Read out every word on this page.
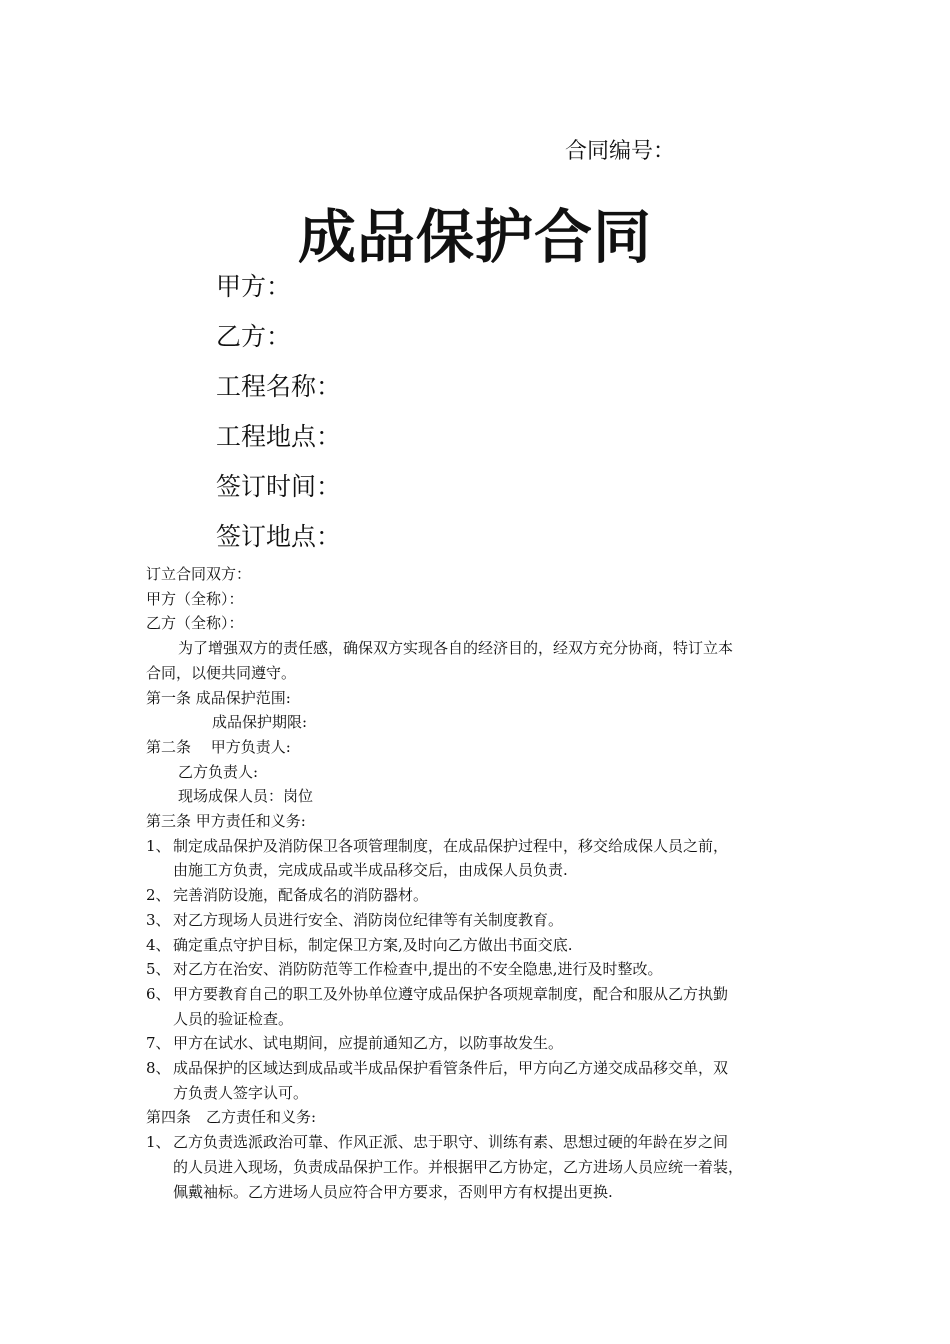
合同编号：
成品保护合同
甲方：
乙方：
工程名称：
工程地点：
签订时间：
签订地点：
订立合同双方：
甲方（全称）：
乙方（全称）：
为了增强双方的责任感，确保双方实现各自的经济目的，经双方充分协商，特订立本
合同，以便共同遵守。
第一条 成品保护范围:
成品保护期限:
第二条　 甲方负责人:
乙方负责人:
现场成保人员：岗位
第三条 甲方责任和义务:
1、 制定成品保护及消防保卫各项管理制度，在成品保护过程中，移交给成保人员之前，
由施工方负责，完成成品或半成品移交后，由成保人员负责.
2、 完善消防设施，配备成名的消防器材。
3、 对乙方现场人员进行安全、消防岗位纪律等有关制度教育。
4、 确定重点守护目标，制定保卫方案,及时向乙方做出书面交底.
5、 对乙方在治安、消防防范等工作检查中,提出的不安全隐患,进行及时整改。
6、 甲方要教育自己的职工及外协单位遵守成品保护各项规章制度，配合和服从乙方执勤
人员的验证检查。
7、 甲方在试水、试电期间，应提前通知乙方，以防事故发生。
8、 成品保护的区域达到成品或半成品保护看管条件后，甲方向乙方递交成品移交单，双
方负责人签字认可。
第四条　乙方责任和义务:
1、 乙方负责选派政治可靠、作风正派、忠于职守、训练有素、思想过硬的年龄在岁之间
的人员进入现场，负责成品保护工作。并根据甲乙方协定，乙方进场人员应统一着装，
佩戴袖标。乙方进场人员应符合甲方要求，否则甲方有权提出更换.
